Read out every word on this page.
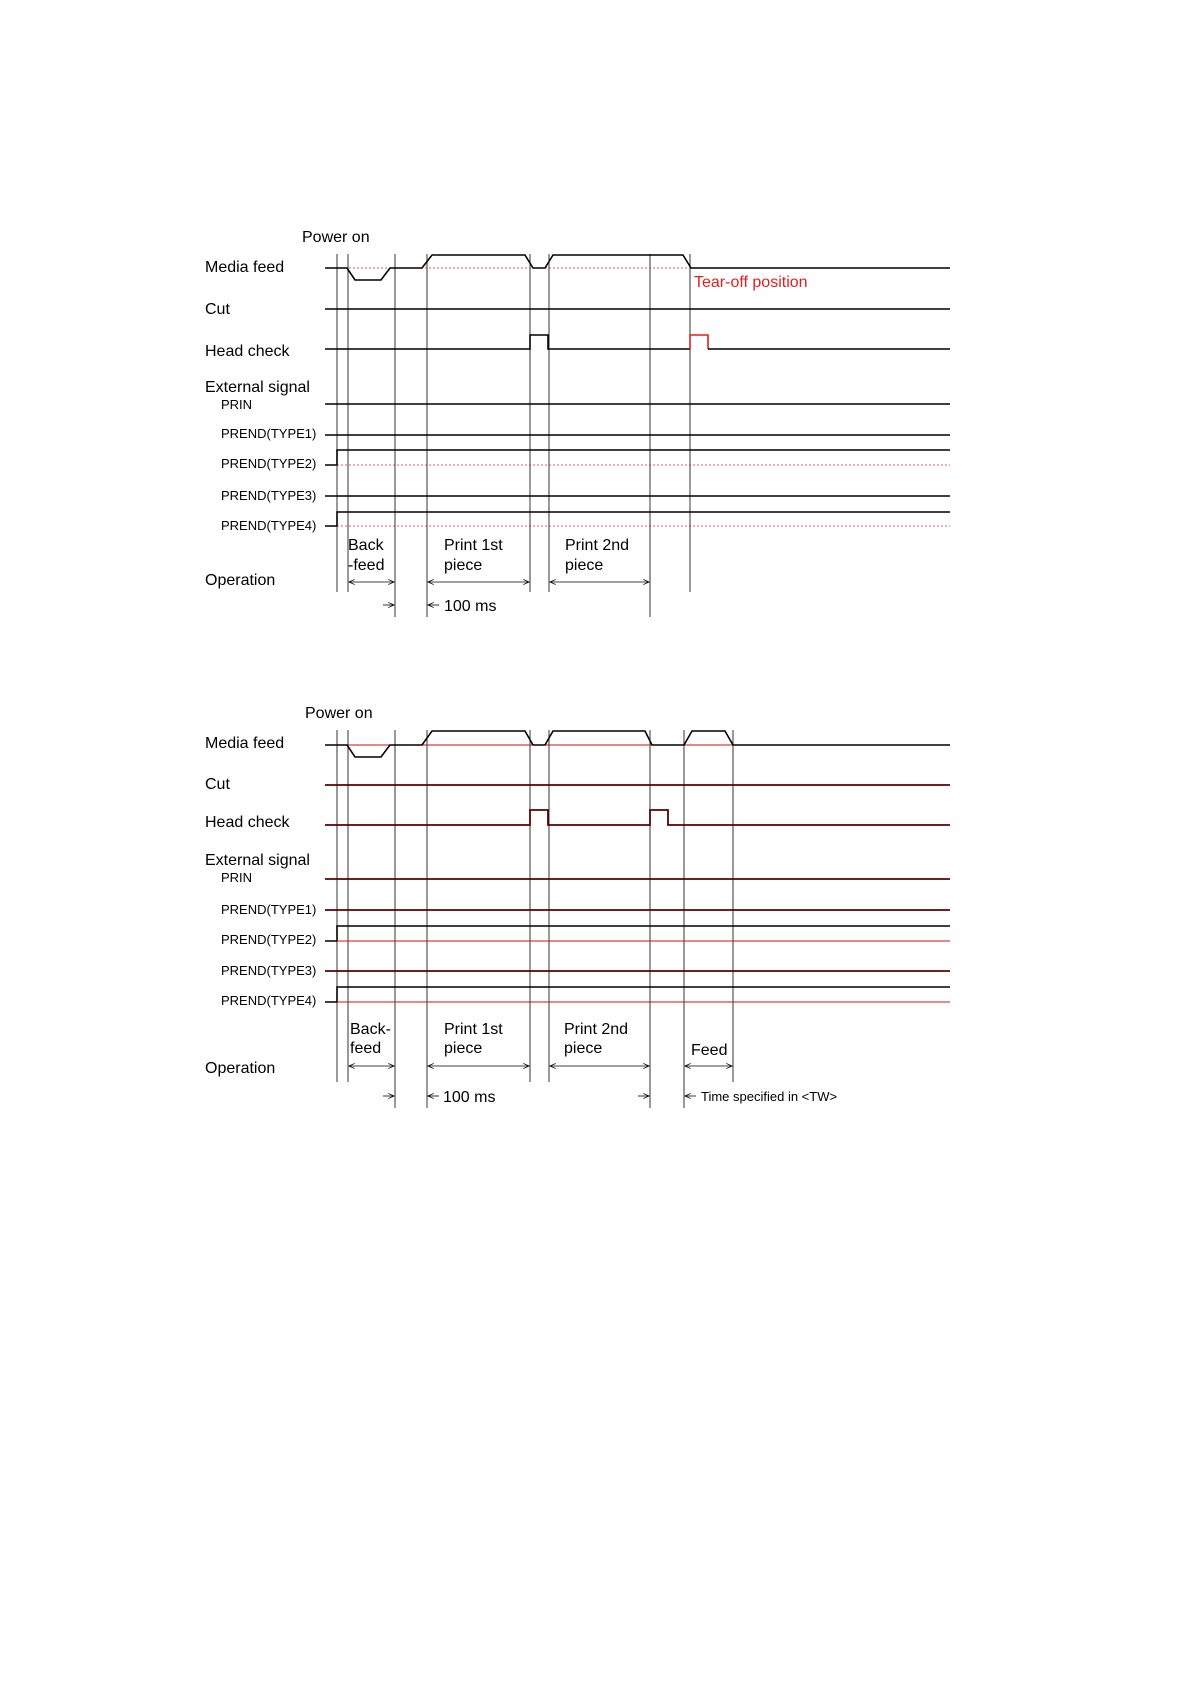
Power on
Media feed
Cut
Head check
External signal
PRIN
PREND(TYPE1)
PREND(TYPE2)
PREND(TYPE3)
PREND(TYPE4)
Operation
Tear-off position
Back
-feed
Print 1st
piece
Print 2nd
piece
100 ms
Power on
Media feed
Cut
Head check
External signal
PRIN
PREND(TYPE1)
PREND(TYPE2)
PREND(TYPE3)
PREND(TYPE4)
Operation
Back-
feed
Print 1st
piece
Print 2nd
piece	Feed
100 ms	Time specified in <TW>
